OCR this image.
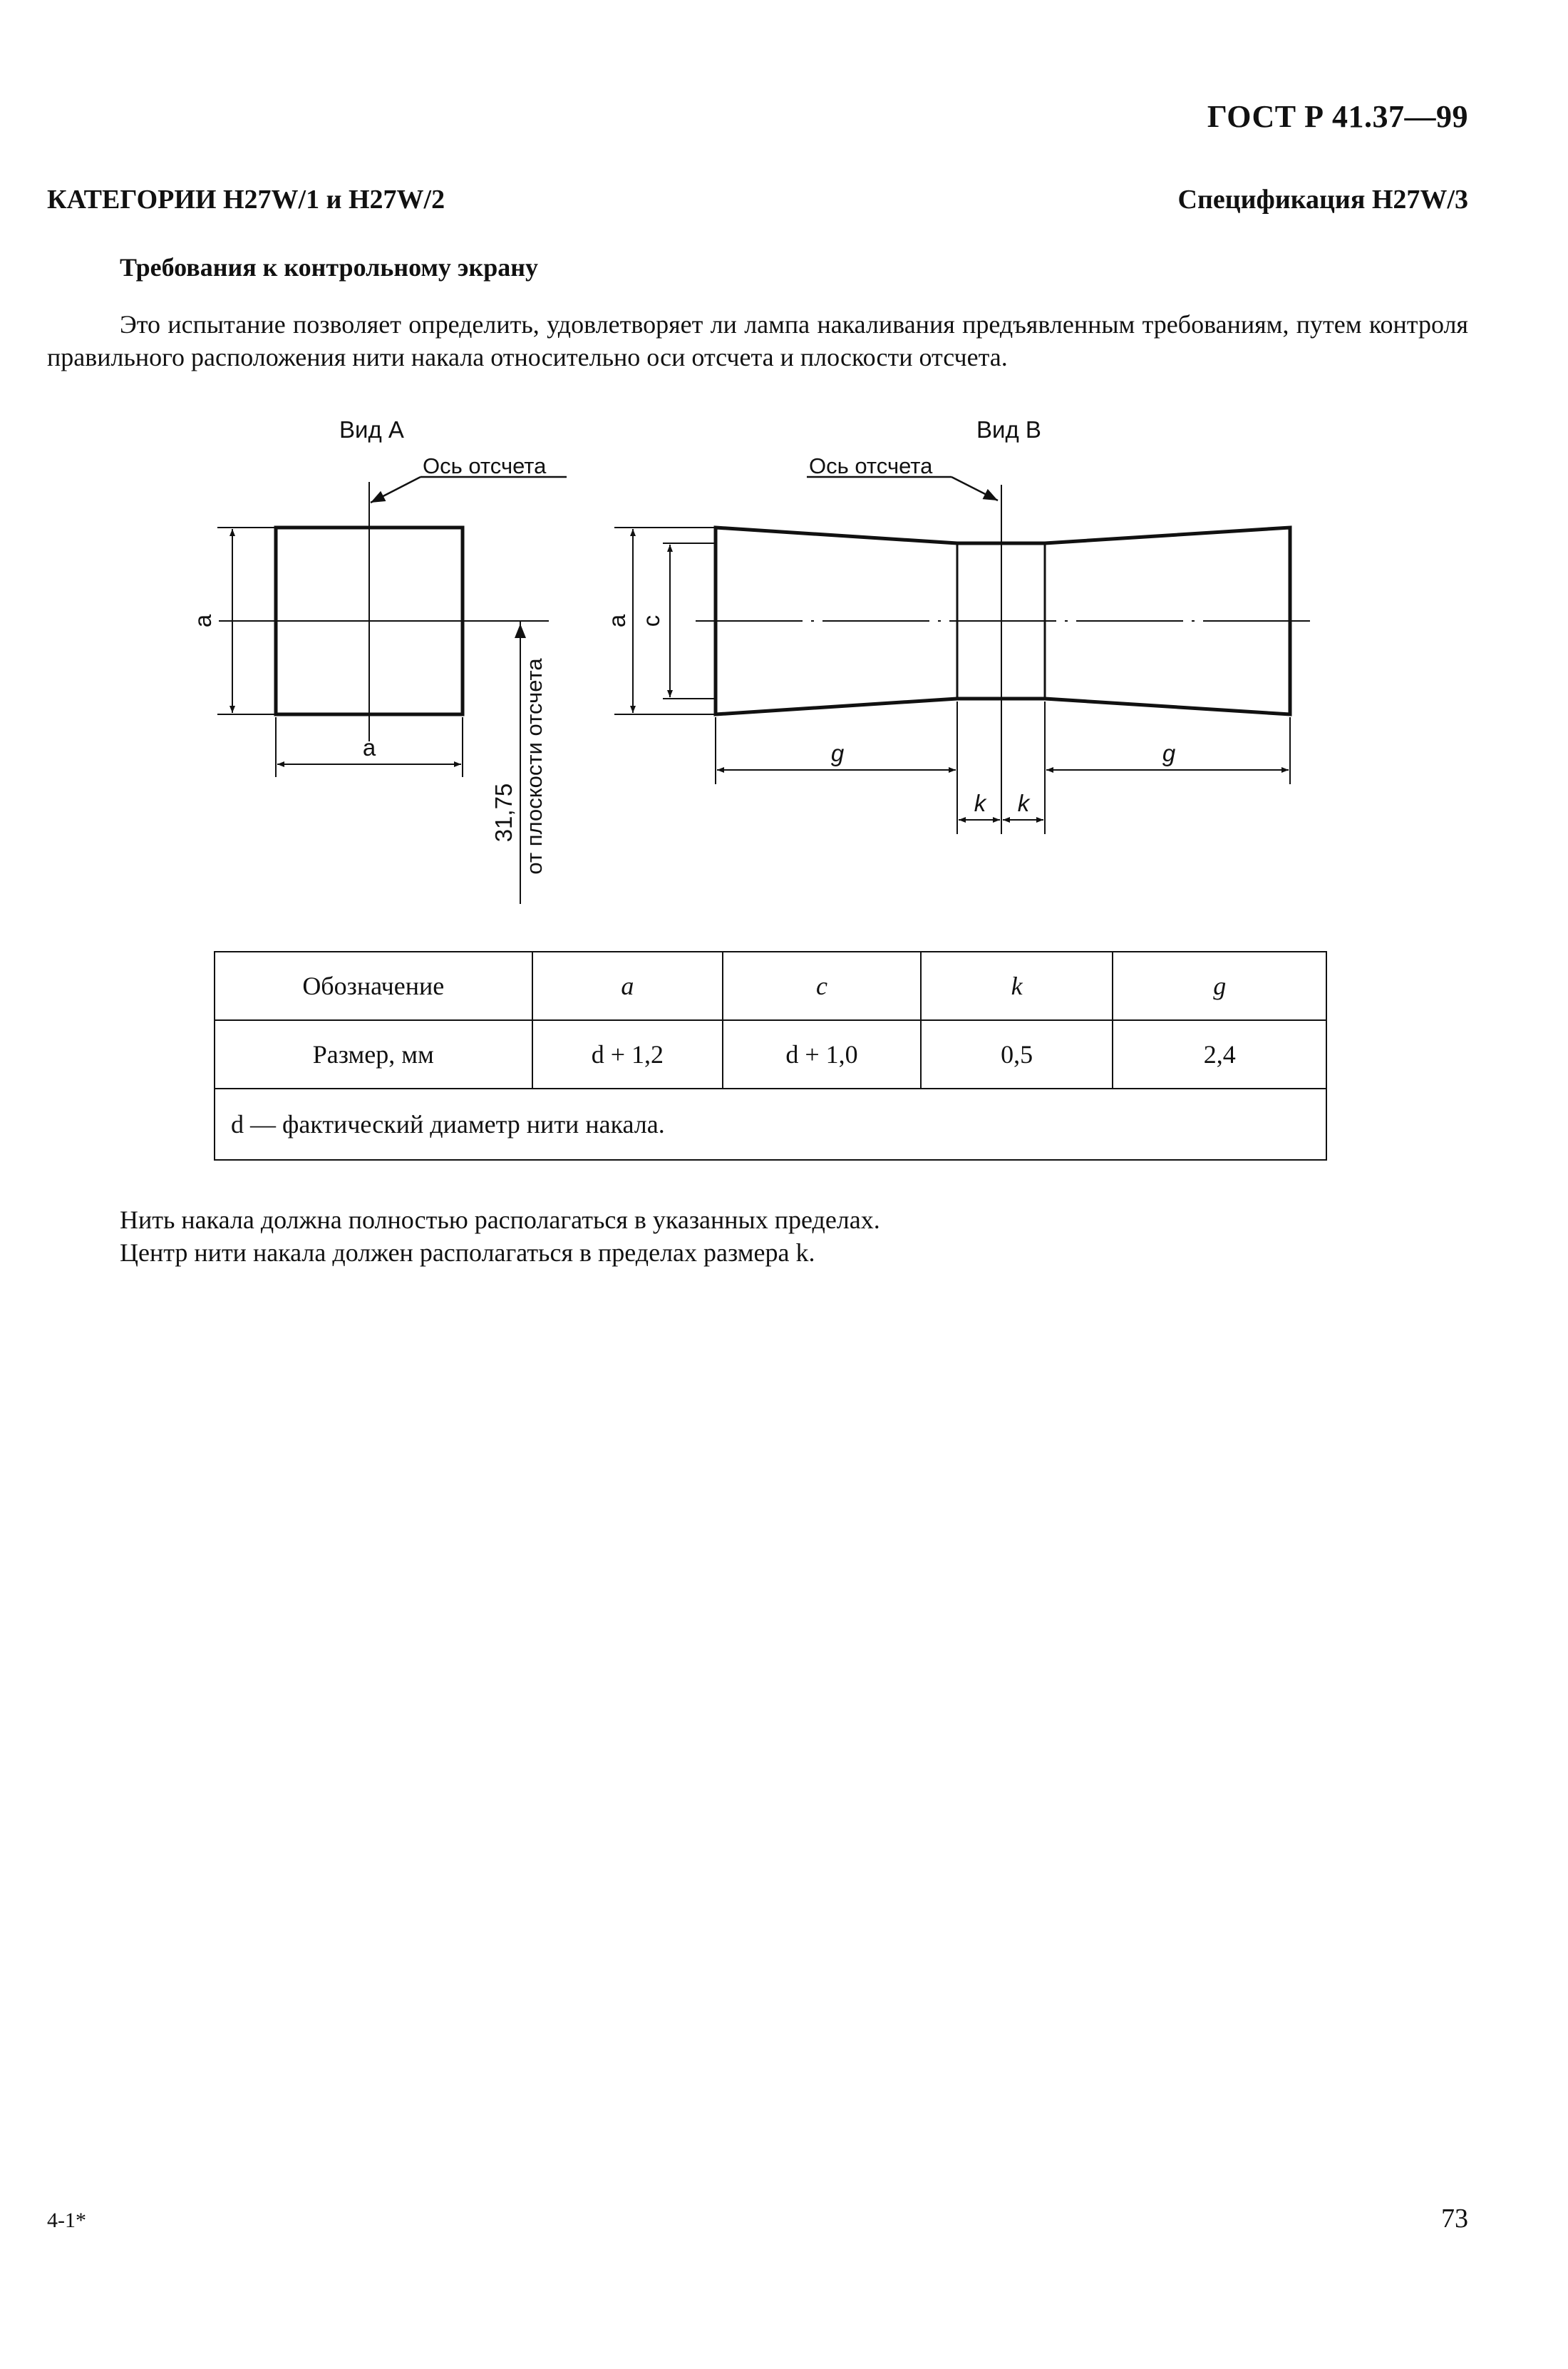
ГОСТ Р 41.37—99
КАТЕГОРИИ H27W/1 и H27W/2	Спецификация H27W/3
Требования к контрольному экрану

Это испытание позволяет определить, удовлетворяет ли лампа накаливания предъявленным требованиям, путем контроля правильного расположения нити накала относительно оси отсчета и плоскости отсчета.

Вид А	Вид В
Ось отсчета
a
a
31,75 от плоскости отсчета
Ось отсчета
a c
g	g
k k
Обозначение	a	c	k	g
Размер, мм	d + 1,2	d + 1,0	0,5	2,4
d — фактический диаметр нити накала.				

Нить накала должна полностью располагаться в указанных пределах.
Центр нити накала должен располагаться в пределах размера k.

4-1*	73
